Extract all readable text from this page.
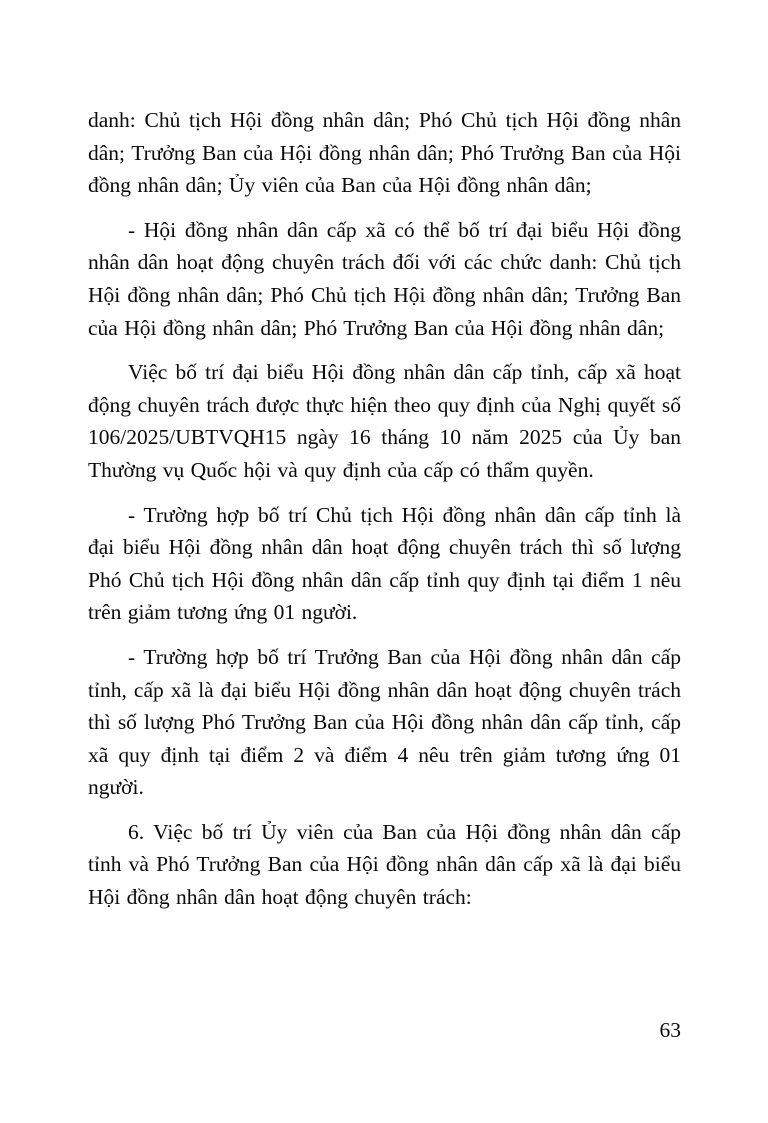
danh: Chủ tịch Hội đồng nhân dân; Phó Chủ tịch Hội đồng nhân dân; Trưởng Ban của Hội đồng nhân dân; Phó Trưởng Ban của Hội đồng nhân dân; Ủy viên của Ban của Hội đồng nhân dân;

- Hội đồng nhân dân cấp xã có thể bố trí đại biểu Hội đồng nhân dân hoạt động chuyên trách đối với các chức danh: Chủ tịch Hội đồng nhân dân; Phó Chủ tịch Hội đồng nhân dân; Trưởng Ban của Hội đồng nhân dân; Phó Trưởng Ban của Hội đồng nhân dân;

Việc bố trí đại biểu Hội đồng nhân dân cấp tỉnh, cấp xã hoạt động chuyên trách được thực hiện theo quy định của Nghị quyết số 106/2025/UBTVQH15 ngày 16 tháng 10 năm 2025 của Ủy ban Thường vụ Quốc hội và quy định của cấp có thẩm quyền.

- Trường hợp bố trí Chủ tịch Hội đồng nhân dân cấp tỉnh là đại biểu Hội đồng nhân dân hoạt động chuyên trách thì số lượng Phó Chủ tịch Hội đồng nhân dân cấp tỉnh quy định tại điểm 1 nêu trên giảm tương ứng 01 người.

- Trường hợp bố trí Trưởng Ban của Hội đồng nhân dân cấp tỉnh, cấp xã là đại biểu Hội đồng nhân dân hoạt động chuyên trách thì số lượng Phó Trưởng Ban của Hội đồng nhân dân cấp tỉnh, cấp xã quy định tại điểm 2 và điểm 4 nêu trên giảm tương ứng 01 người.

6. Việc bố trí Ủy viên của Ban của Hội đồng nhân dân cấp tỉnh và Phó Trưởng Ban của Hội đồng nhân dân cấp xã là đại biểu Hội đồng nhân dân hoạt động chuyên trách:

63
